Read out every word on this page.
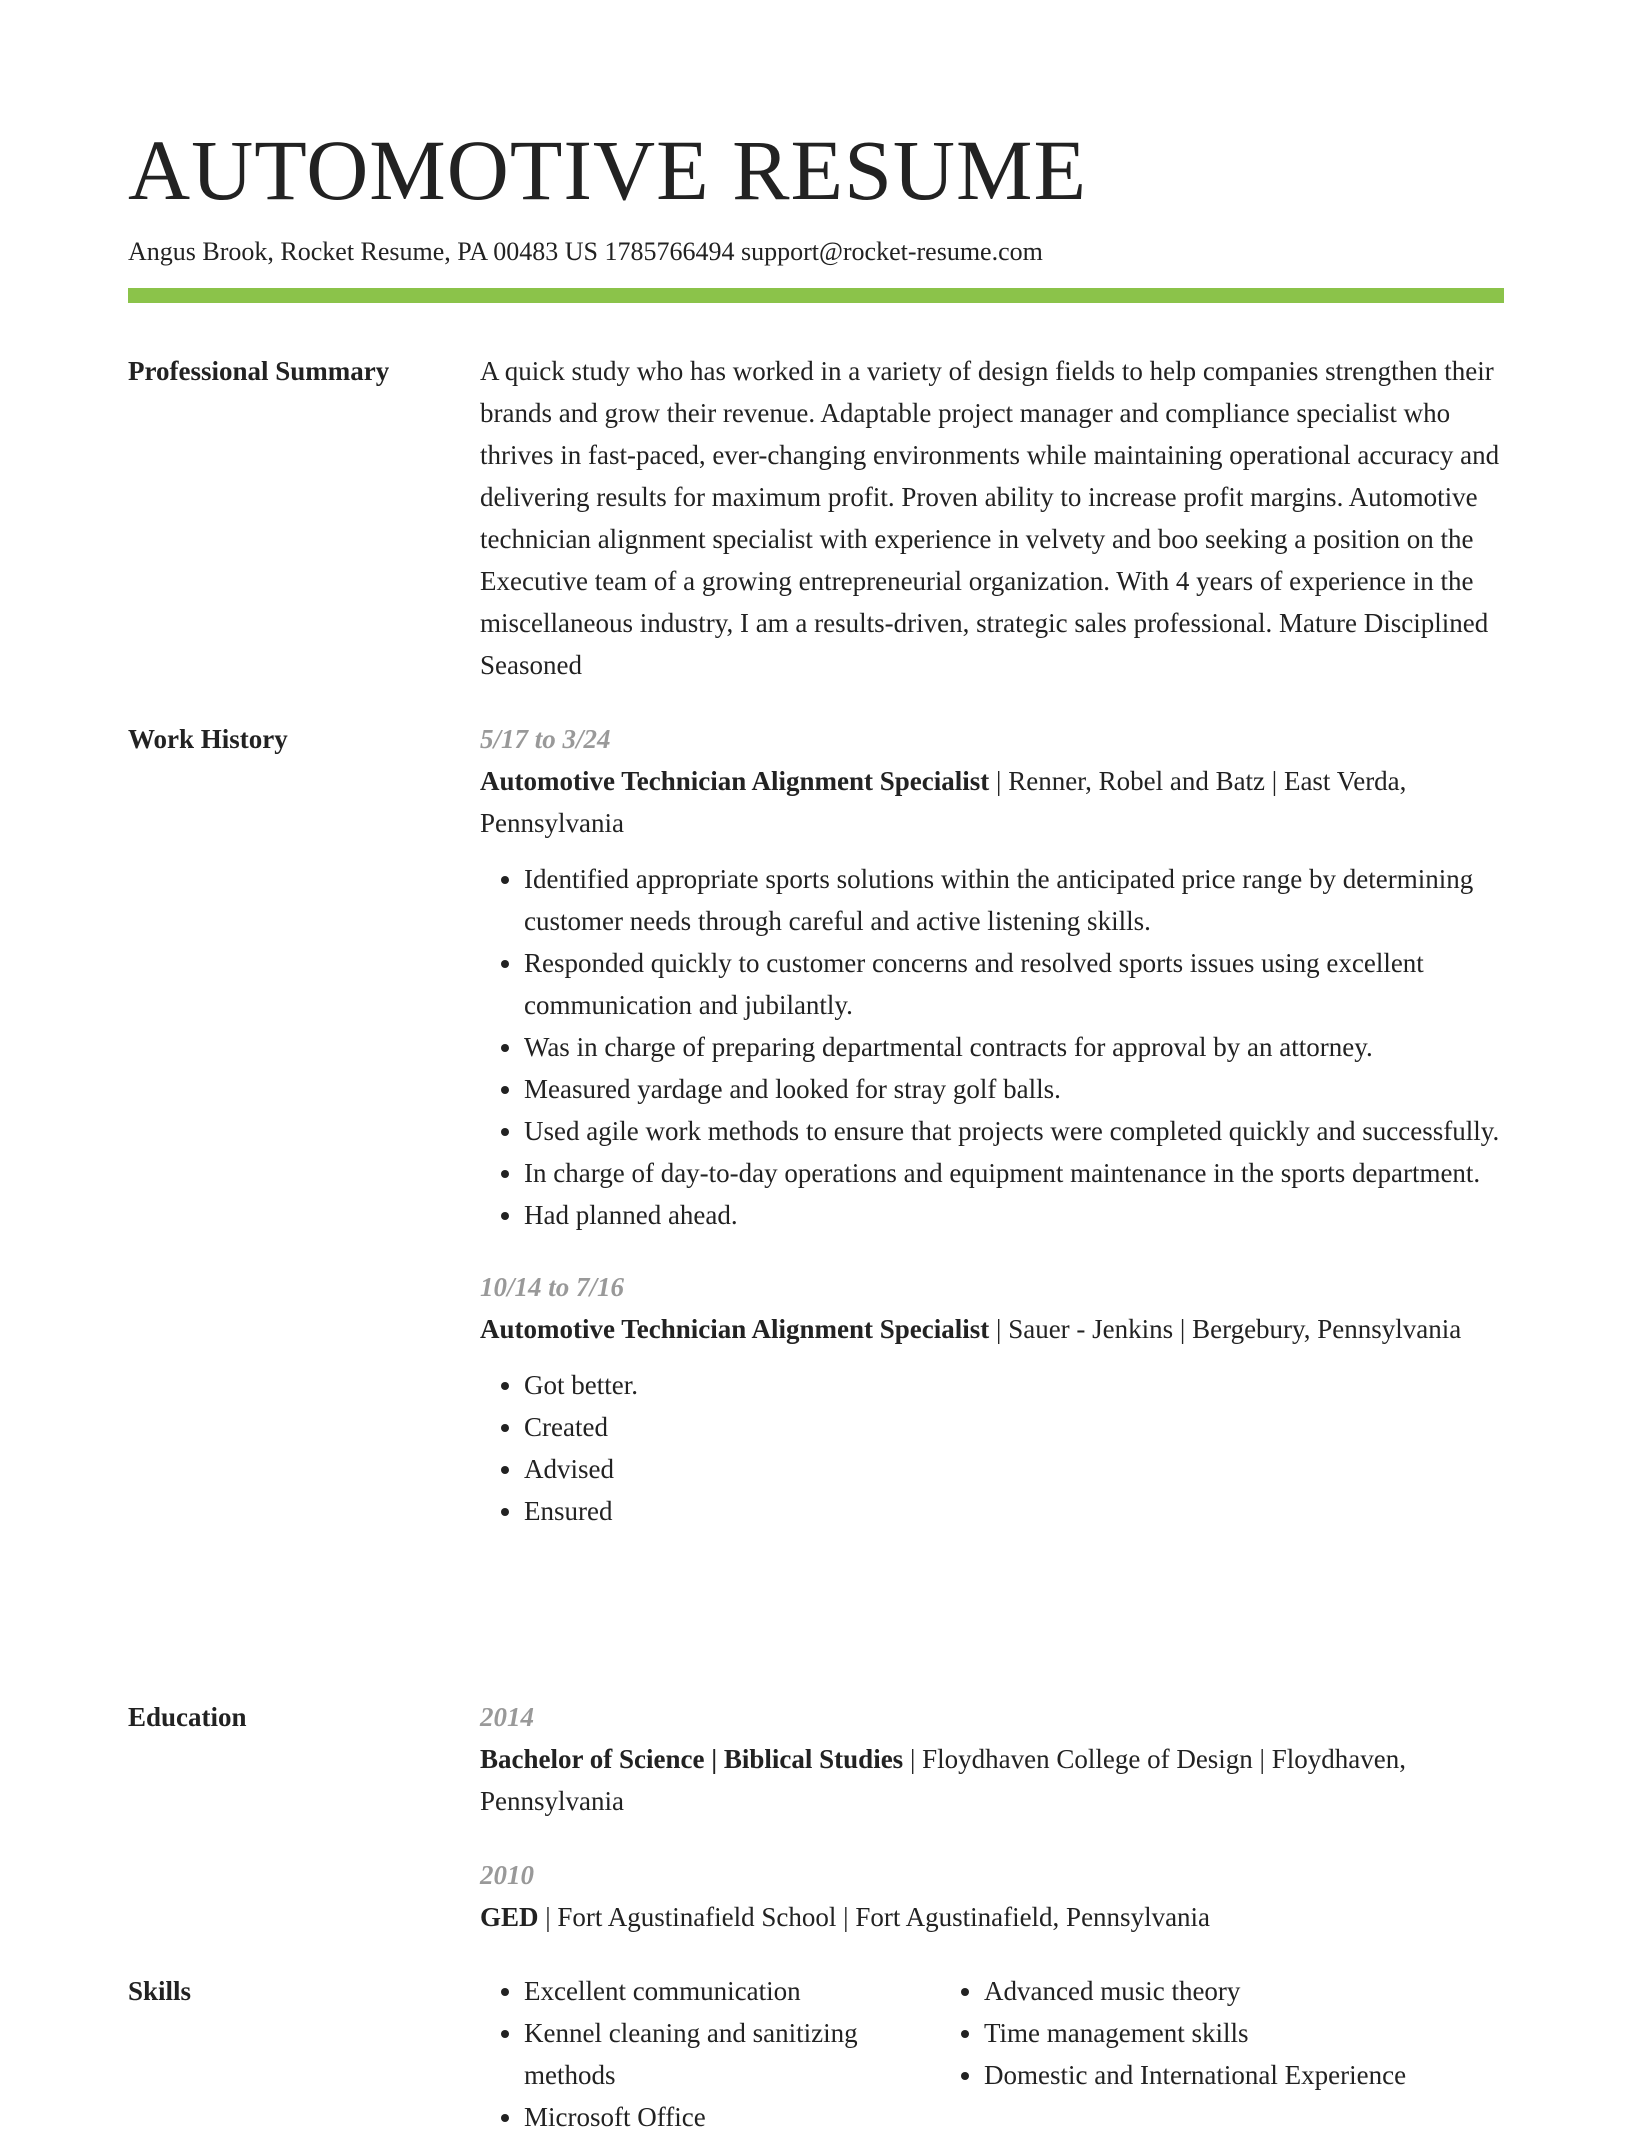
AUTOMOTIVE RESUME
Angus Brook, Rocket Resume, PA 00483 US 1785766494 support@rocket-resume.com
Professional Summary	A quick study who has worked in a variety of design fields to help companies strengthen their brands and grow their revenue. Adaptable project manager and compliance specialist who thrives in fast-paced, ever-changing environments while maintaining operational accuracy and delivering results for maximum profit. Proven ability to increase profit margins. Automotive technician alignment specialist with experience in velvety and boo seeking a position on the Executive team of a growing entrepreneurial organization. With 4 years of experience in the miscellaneous industry, I am a results-driven, strategic sales professional. Mature Disciplined Seasoned
Work History	5/17 to 3/24
Automotive Technician Alignment Specialist | Renner, Robel and Batz | East Verda, Pennsylvania
• Identified appropriate sports solutions within the anticipated price range by determining customer needs through careful and active listening skills.
• Responded quickly to customer concerns and resolved sports issues using excellent communication and jubilantly.
• Was in charge of preparing departmental contracts for approval by an attorney.
• Measured yardage and looked for stray golf balls.
• Used agile work methods to ensure that projects were completed quickly and successfully.
• In charge of day-to-day operations and equipment maintenance in the sports department.
• Had planned ahead.
10/14 to 7/16
Automotive Technician Alignment Specialist | Sauer - Jenkins | Bergebury, Pennsylvania
• Got better.
• Created
• Advised
• Ensured
Education	2014
Bachelor of Science | Biblical Studies | Floydhaven College of Design | Floydhaven, Pennsylvania
2010
GED | Fort Agustinafield School | Fort Agustinafield, Pennsylvania
Skills
•	Excellent communication
• Kennel cleaning and sanitizing methods
• Microsoft Office
• Advanced music theory
• Time management skills
• Domestic and International Experience
